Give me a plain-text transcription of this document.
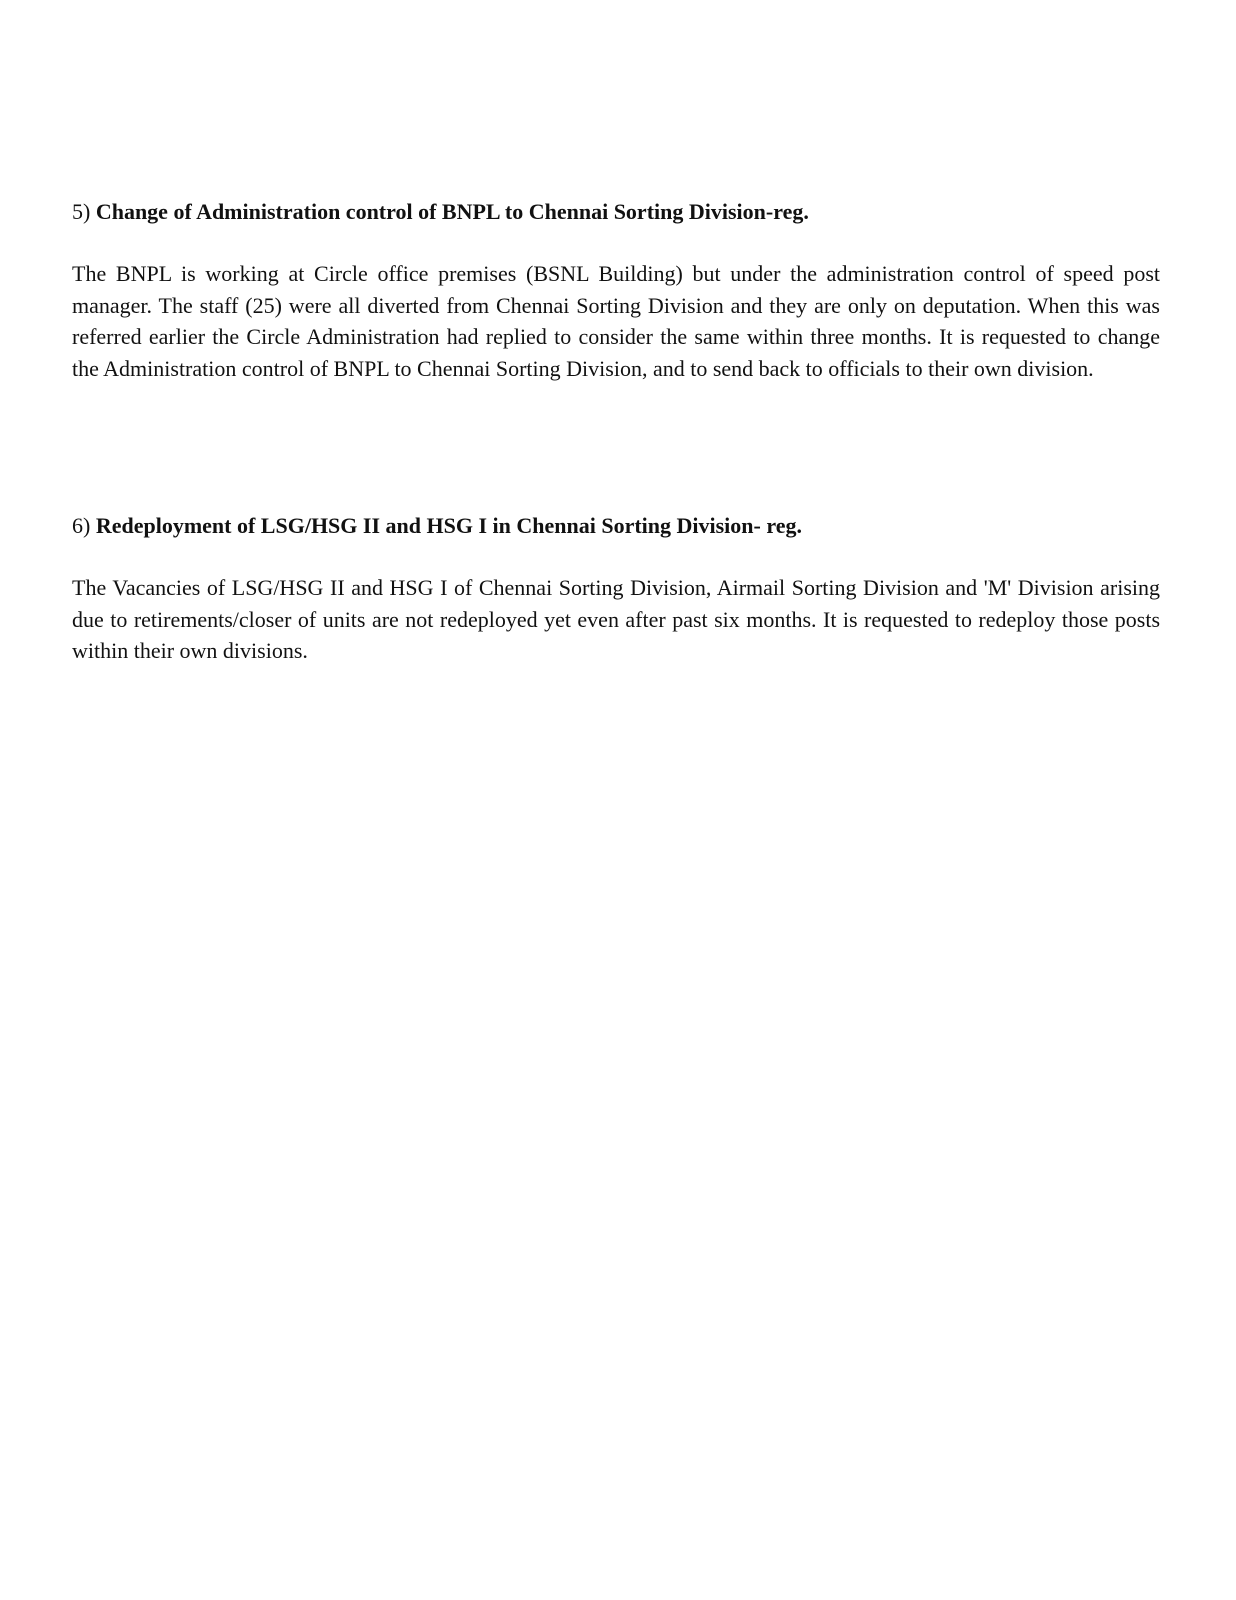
5) Change of Administration control of BNPL to Chennai Sorting Division-reg.

The BNPL is working at Circle office premises (BSNL Building) but under the administration control of speed post manager. The staff (25) were all diverted from Chennai Sorting Division and they are only on deputation. When this was referred earlier the Circle Administration had replied to consider the same within three months. It is requested to change the Administration control of BNPL to Chennai Sorting Division, and to send back to officials to their own division.

6) Redeployment of LSG/HSG II and HSG I in Chennai Sorting Division- reg.

The Vacancies of LSG/HSG II and HSG I of Chennai Sorting Division, Airmail Sorting Division and 'M' Division arising due to retirements/closer of units are not redeployed yet even after past six months. It is requested to redeploy those posts within their own divisions.
